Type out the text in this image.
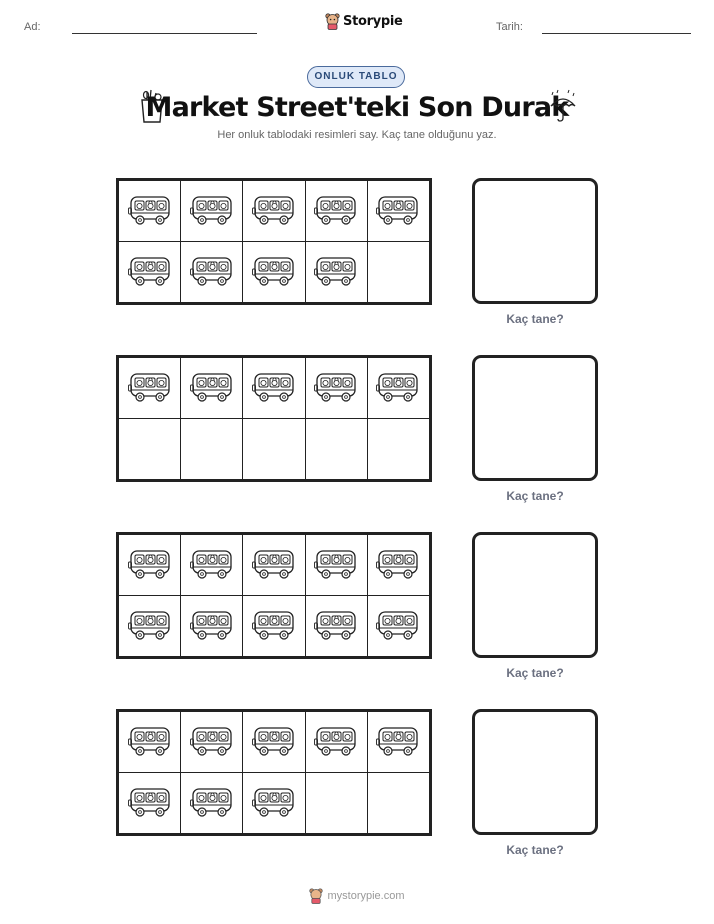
Ad:	Storypie	Tarih:
ONLUK TABLO
Market Street'teki Son Durak
Her onluk tablodaki resimleri say. Kaç tane olduğunu yaz.
Kaç tane?
Kaç tane?
Kaç tane?
Kaç tane?
mystorypie.com
